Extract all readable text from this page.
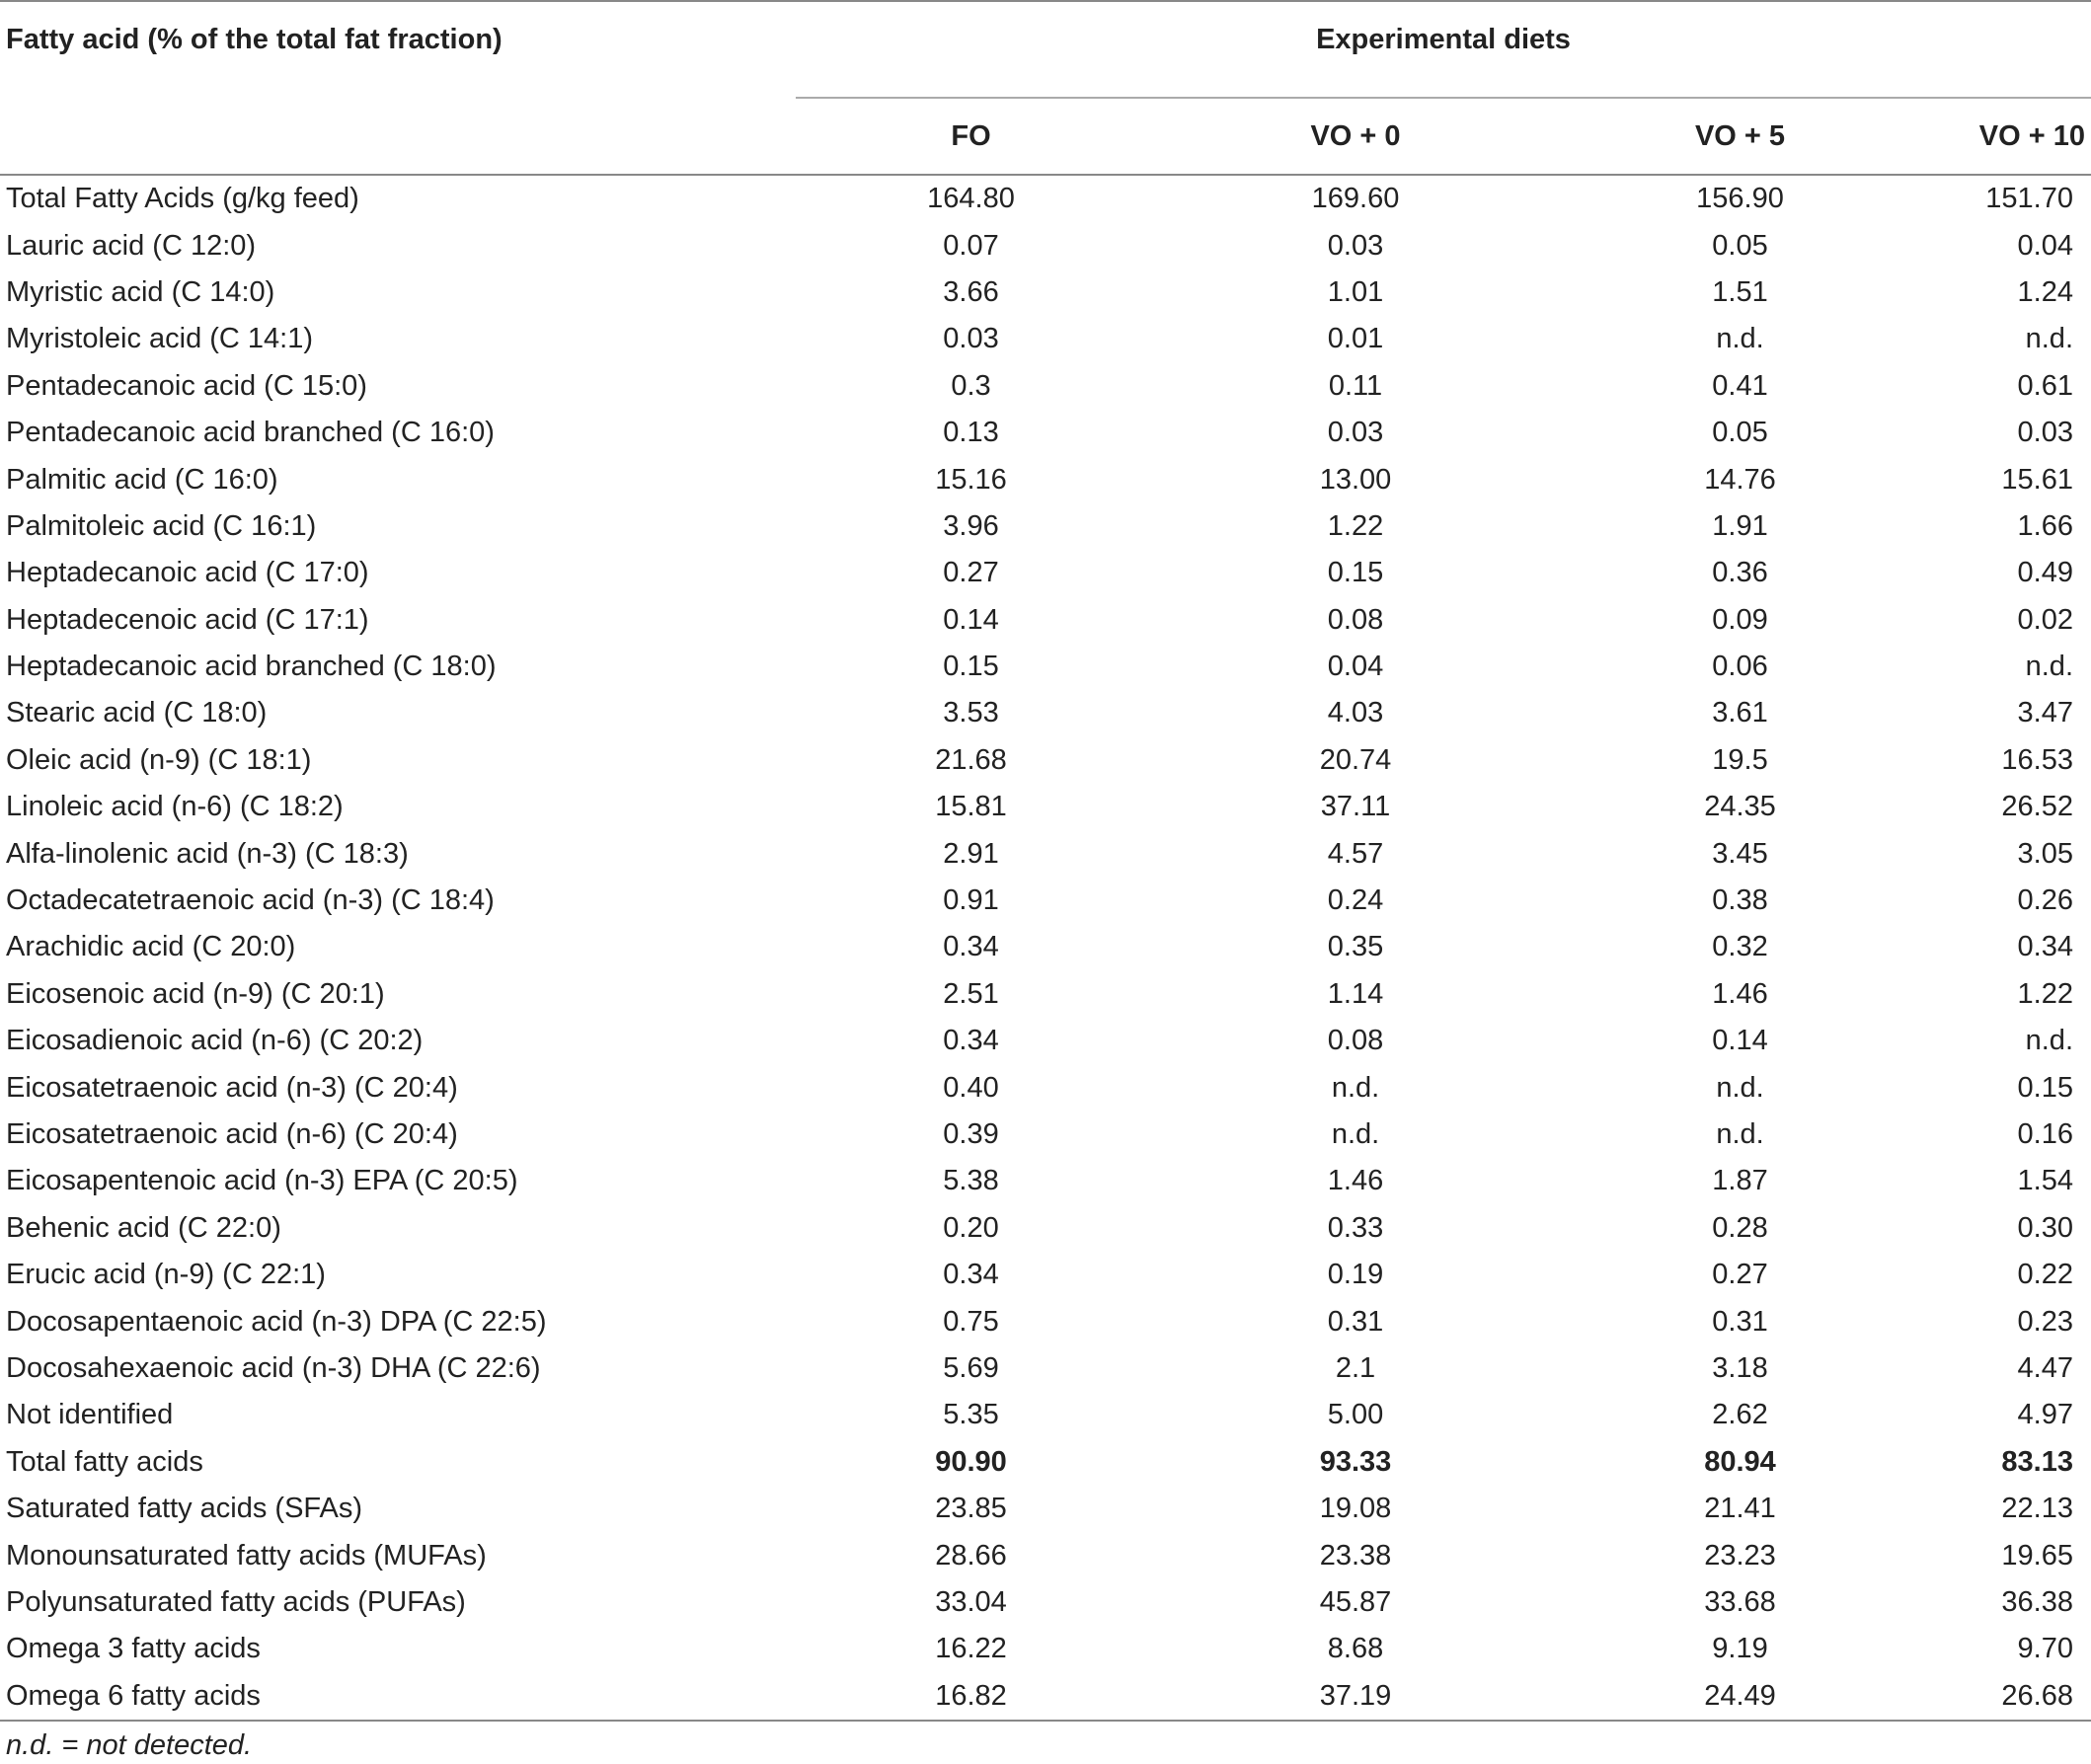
Fatty acid (% of the total fat fraction)	Experimental diets			
	FO	VO + 0	VO + 5	VO + 10
Total Fatty Acids (g/kg feed)	164.80	169.60	156.90	151.70
Lauric acid (C 12:0)	0.07	0.03	0.05	0.04
Myristic acid (C 14:0)	3.66	1.01	1.51	1.24
Myristoleic acid (C 14:1)	0.03	0.01	n.d.	n.d.
Pentadecanoic acid (C 15:0)	0.3	0.11	0.41	0.61
Pentadecanoic acid branched (C 16:0)	0.13	0.03	0.05	0.03
Palmitic acid (C 16:0)	15.16	13.00	14.76	15.61
Palmitoleic acid (C 16:1)	3.96	1.22	1.91	1.66
Heptadecanoic acid (C 17:0)	0.27	0.15	0.36	0.49
Heptadecenoic acid (C 17:1)	0.14	0.08	0.09	0.02
Heptadecanoic acid branched (C 18:0)	0.15	0.04	0.06	n.d.
Stearic acid (C 18:0)	3.53	4.03	3.61	3.47
Oleic acid (n-9) (C 18:1)	21.68	20.74	19.5	16.53
Linoleic acid (n-6) (C 18:2)	15.81	37.11	24.35	26.52
Alfa-linolenic acid (n-3) (C 18:3)	2.91	4.57	3.45	3.05
Octadecatetraenoic acid (n-3) (C 18:4)	0.91	0.24	0.38	0.26
Arachidic acid (C 20:0)	0.34	0.35	0.32	0.34
Eicosenoic acid (n-9) (C 20:1)	2.51	1.14	1.46	1.22
Eicosadienoic acid (n-6) (C 20:2)	0.34	0.08	0.14	n.d.
Eicosatetraenoic acid (n-3) (C 20:4)	0.40	n.d.	n.d.	0.15
Eicosatetraenoic acid (n-6) (C 20:4)	0.39	n.d.	n.d.	0.16
Eicosapentenoic acid (n-3) EPA (C 20:5)	5.38	1.46	1.87	1.54
Behenic acid (C 22:0)	0.20	0.33	0.28	0.30
Erucic acid (n-9) (C 22:1)	0.34	0.19	0.27	0.22
Docosapentaenoic acid (n-3) DPA (C 22:5)	0.75	0.31	0.31	0.23
Docosahexaenoic acid (n-3) DHA (C 22:6)	5.69	2.1	3.18	4.47
Not identified	5.35	5.00	2.62	4.97
Total fatty acids	90.90	93.33	80.94	83.13
Saturated fatty acids (SFAs)	23.85	19.08	21.41	22.13
Monounsaturated fatty acids (MUFAs)	28.66	23.38	23.23	19.65
Polyunsaturated fatty acids (PUFAs)	33.04	45.87	33.68	36.38
Omega 3 fatty acids	16.22	8.68	9.19	9.70
Omega 6 fatty acids	16.82	37.19	24.49	26.68
n.d. = not detected.
